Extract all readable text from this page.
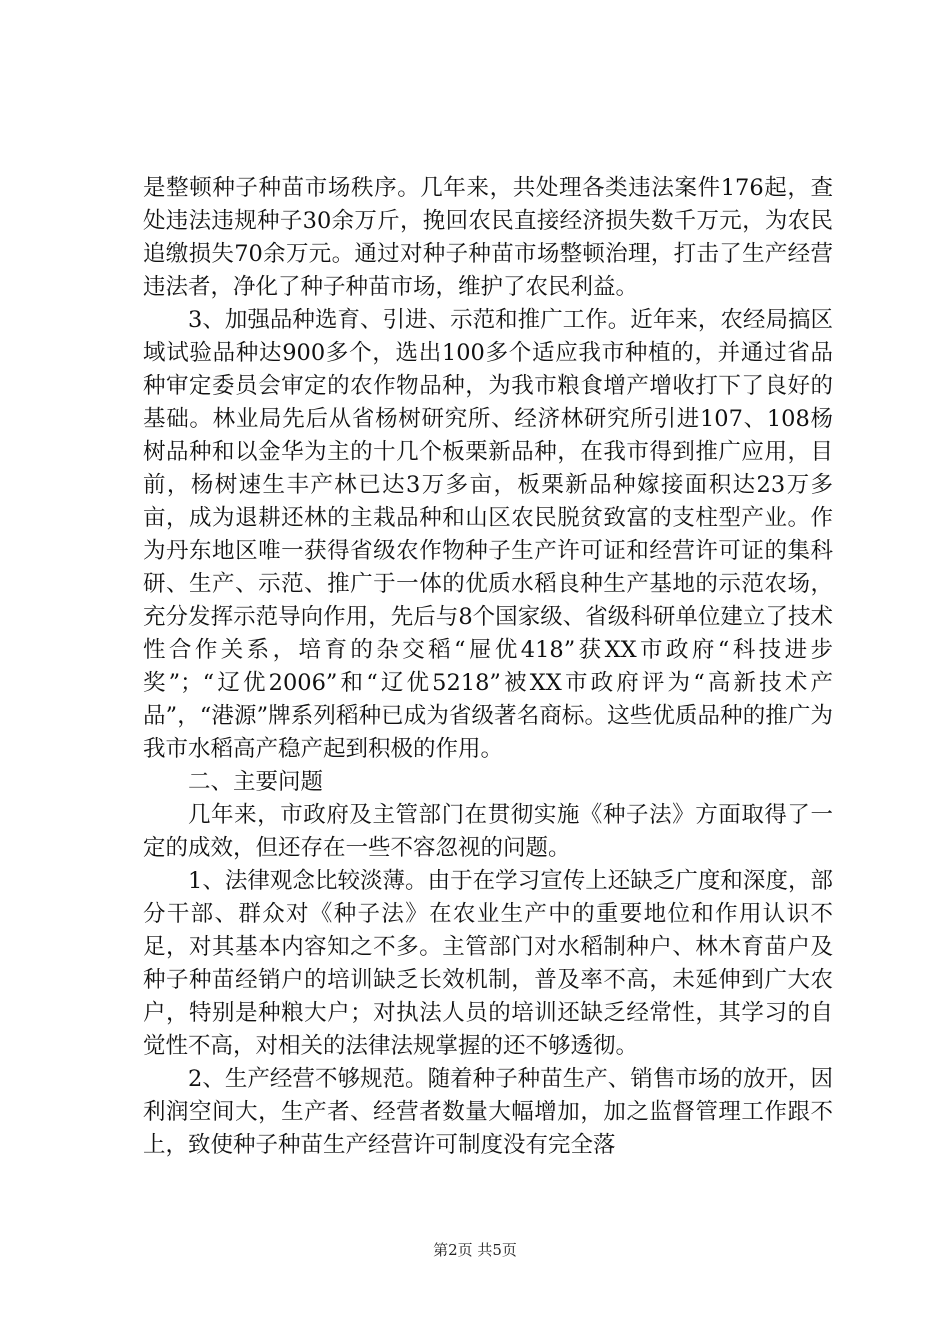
是整顿种子种苗市场秩序。几年来，共处理各类违法案件176起，查处违法违规种子30余万斤，挽回农民直接经济损失数千万元，为农民追缴损失70余万元。通过对种子种苗市场整顿治理，打击了生产经营违法者，净化了种子种苗市场，维护了农民利益。

3、加强品种选育、引进、示范和推广工作。近年来，农经局搞区域试验品种达900多个，选出100多个适应我市种植的，并通过省品种审定委员会审定的农作物品种，为我市粮食增产增收打下了良好的基础。林业局先后从省杨树研究所、经济林研究所引进107、108杨树品种和以金华为主的十几个板栗新品种，在我市得到推广应用，目前，杨树速生丰产林已达3万多亩，板栗新品种嫁接面积达23万多亩，成为退耕还林的主栽品种和山区农民脱贫致富的支柱型产业。作为丹东地区唯一获得省级农作物种子生产许可证和经营许可证的集科研、生产、示范、推广于一体的优质水稻良种生产基地的示范农场，充分发挥示范导向作用，先后与8个国家级、省级科研单位建立了技术性合作关系，培育的杂交稻“屉优418”获XX市政府“科技进步奖”；“辽优2006”和“辽优5218”被XX市政府评为“高新技术产品”，“港源”牌系列稻种已成为省级著名商标。这些优质品种的推广为我市水稻高产稳产起到积极的作用。

二、主要问题

几年来，市政府及主管部门在贯彻实施《种子法》方面取得了一定的成效，但还存在一些不容忽视的问题。

1、法律观念比较淡薄。由于在学习宣传上还缺乏广度和深度，部分干部、群众对《种子法》在农业生产中的重要地位和作用认识不足，对其基本内容知之不多。主管部门对水稻制种户、林木育苗户及种子种苗经销户的培训缺乏长效机制，普及率不高，未延伸到广大农户，特别是种粮大户；对执法人员的培训还缺乏经常性，其学习的自觉性不高，对相关的法律法规掌握的还不够透彻。

2、生产经营不够规范。随着种子种苗生产、销售市场的放开，因利润空间大，生产者、经营者数量大幅增加，加之监督管理工作跟不上，致使种子种苗生产经营许可制度没有完全落

第2页 共5页
